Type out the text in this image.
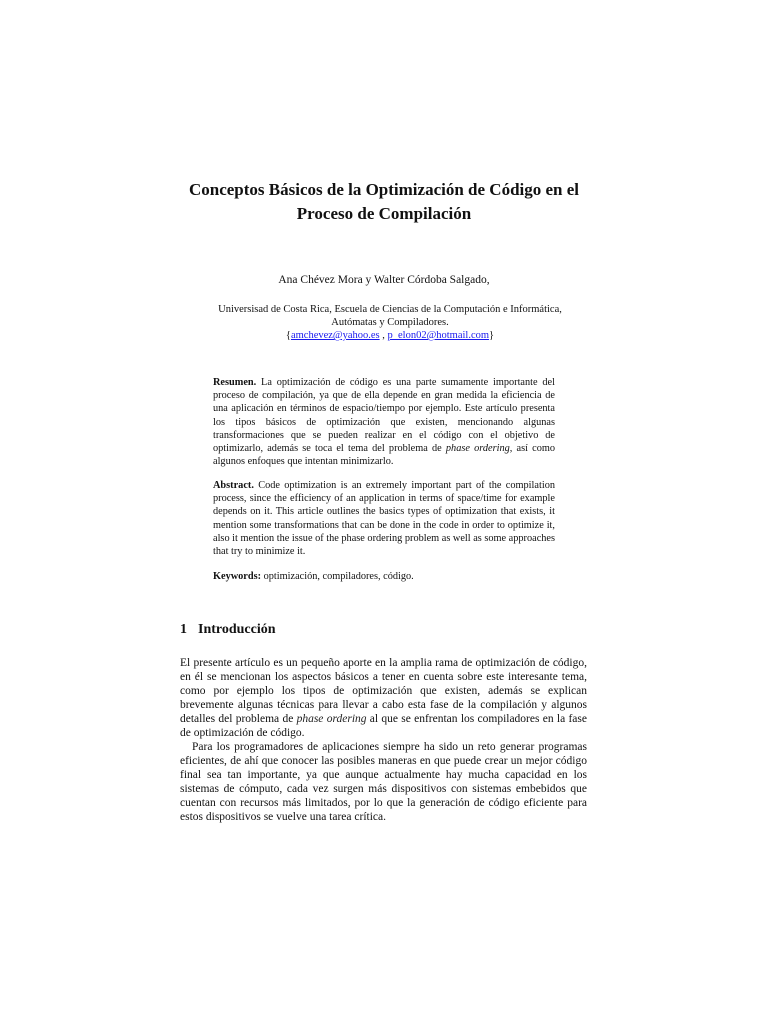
Conceptos Básicos de la Optimización de Código en el
Proceso de Compilación
Ana Chévez Mora y Walter Córdoba Salgado,
Universisad de Costa Rica, Escuela de Ciencias de la Computación e Informática,
Autómatas y Compiladores.
{amchevez@yahoo.es , p_elon02@hotmail.com}
Resumen. La optimización de código es una parte sumamente importante del proceso de compilación, ya que de ella depende en gran medida la eficiencia de una aplicación en términos de espacio/tiempo por ejemplo. Este artículo presenta los tipos básicos de optimización que existen, mencionando algunas transformaciones que se pueden realizar en el código con el objetivo de optimizarlo, además se toca el tema del problema de phase ordering, así como algunos enfoques que intentan minimizarlo.
Abstract. Code optimization is an extremely important part of the compilation process, since the efficiency of an application in terms of space/time for example depends on it. This article outlines the basics types of optimization that exists, it mention some transformations that can be done in the code in order to optimize it, also it mention the issue of the phase ordering problem as well as some approaches that try to minimize it.
Keywords: optimización, compiladores, código.
1 Introducción
El presente artículo es un pequeño aporte en la amplia rama de optimización de código, en él se mencionan los aspectos básicos a tener en cuenta sobre este interesante tema, como por ejemplo los tipos de optimización que existen, además se explican brevemente algunas técnicas para llevar a cabo esta fase de la compilación y algunos detalles del problema de phase ordering al que se enfrentan los compiladores en la fase de optimización de código.
Para los programadores de aplicaciones siempre ha sido un reto generar programas eficientes, de ahí que conocer las posibles maneras en que puede crear un mejor código final sea tan importante, ya que aunque actualmente hay mucha capacidad en los sistemas de cómputo, cada vez surgen más dispositivos con sistemas embebidos que cuentan con recursos más limitados, por lo que la generación de código eficiente para estos dispositivos se vuelve una tarea crítica.
